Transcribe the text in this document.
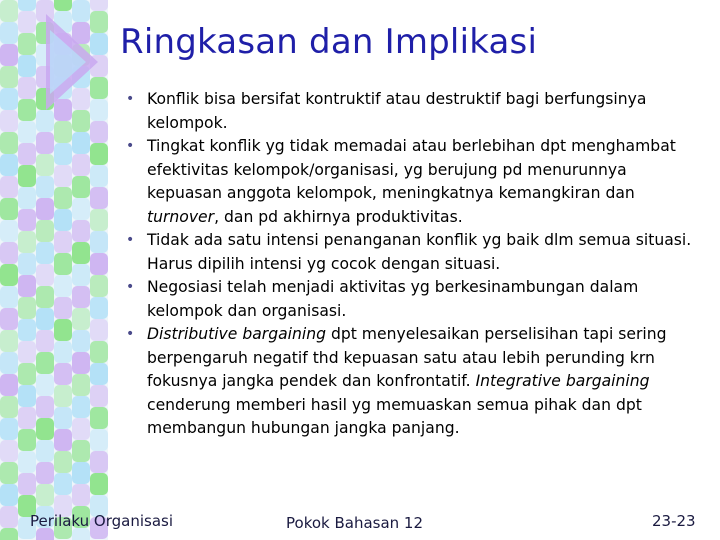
Ringkasan dan Implikasi
• Konflik bisa bersifat kontruktif atau destruktif bagi berfungsinya kelompok.
• Tingkat konflik yg tidak memadai atau berlebihan dpt menghambat efektivitas kelompok/organisasi, yg berujung pd menurunnya kepuasan anggota kelompok, meningkatnya kemangkiran dan turnover, dan pd akhirnya produktivitas.
• Tidak ada satu intensi penanganan konflik yg baik dlm semua situasi. Harus dipilih intensi yg cocok dengan situasi.
• Negosiasi telah menjadi aktivitas yg berkesinambungan dalam kelompok dan organisasi.
• Distributive bargaining dpt menyelesaikan perselisihan tapi sering berpengaruh negatif thd kepuasan satu atau lebih perunding krn fokusnya jangka pendek dan konfrontatif. Integrative bargaining cenderung memberi hasil yg memuaskan semua pihak dan dpt membangun hubungan jangka panjang.
Perilaku Organisasi	Pokok Bahasan 12	23-23
